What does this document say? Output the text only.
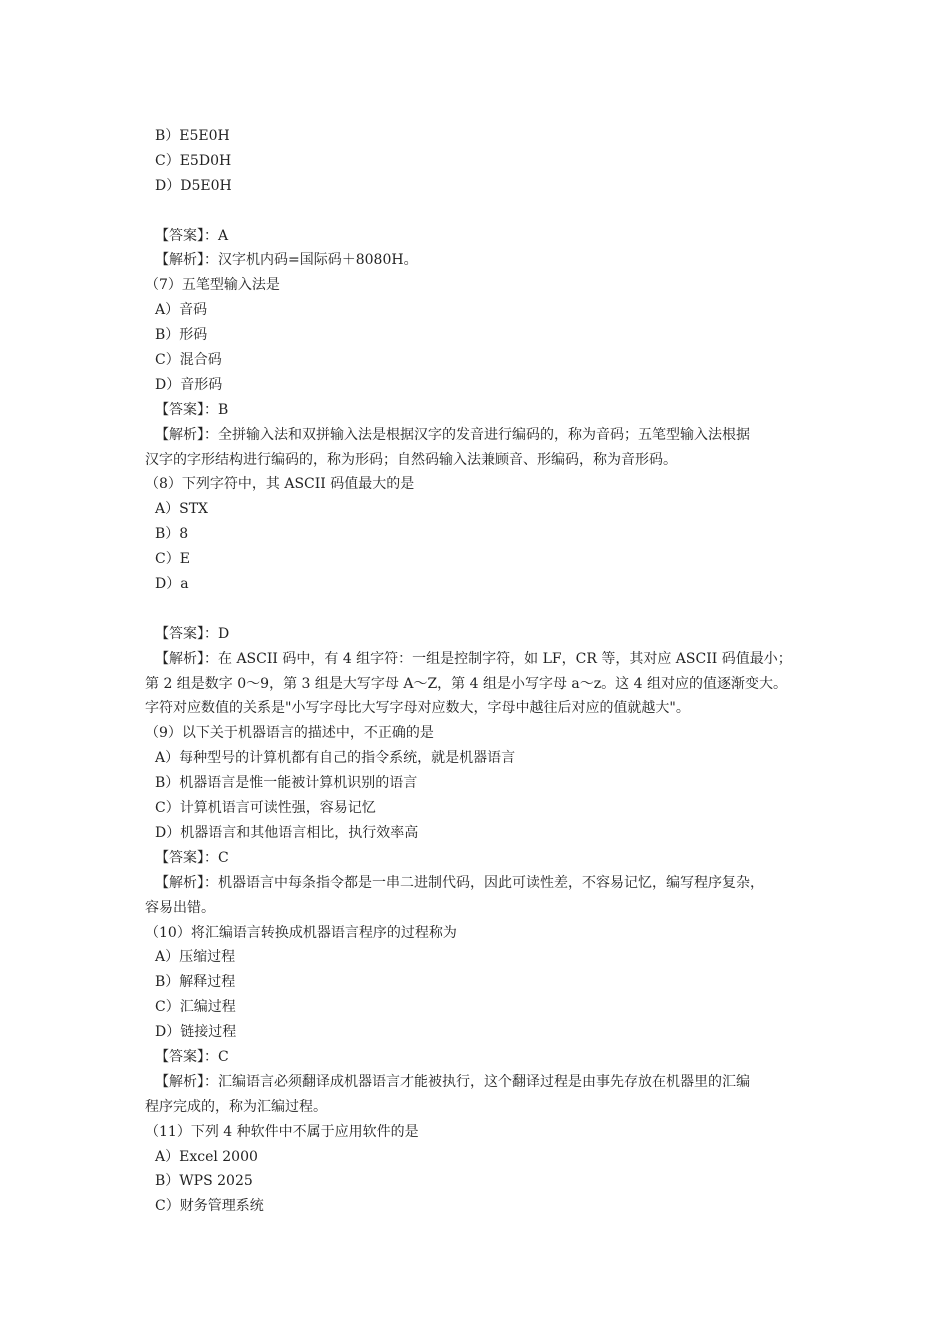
B）E5E0H
C）E5D0H
D）D5E0H
【答案】：A
【解析】：汉字机内码=国际码＋8080H。
（7）五笔型输入法是
A）音码
B）形码
C）混合码
D）音形码
【答案】：B
【解析】：全拼输入法和双拼输入法是根据汉字的发音进行编码的，称为音码；五笔型输入法根据
汉字的字形结构进行编码的，称为形码；自然码输入法兼顾音、形编码，称为音形码。
（8）下列字符中，其 ASCII 码值最大的是
A）STX
B）8
C）E
D）a
【答案】：D
【解析】：在 ASCII 码中，有 4 组字符：一组是控制字符，如 LF，CR 等，其对应 ASCII 码值最小；
第 2 组是数字 0～9，第 3 组是大写字母 A～Z，第 4 组是小写字母 a～z。这 4 组对应的值逐渐变大。
字符对应数值的关系是"小写字母比大写字母对应数大，字母中越往后对应的值就越大"。
（9）以下关于机器语言的描述中，不正确的是
A）每种型号的计算机都有自己的指令系统，就是机器语言
B）机器语言是惟一能被计算机识别的语言
C）计算机语言可读性强，容易记忆
D）机器语言和其他语言相比，执行效率高
【答案】：C
【解析】：机器语言中每条指令都是一串二进制代码，因此可读性差，不容易记忆，编写程序复杂，
容易出错。
（10）将汇编语言转换成机器语言程序的过程称为
A）压缩过程
B）解释过程
C）汇编过程
D）链接过程
【答案】：C
【解析】：汇编语言必须翻译成机器语言才能被执行，这个翻译过程是由事先存放在机器里的汇编
程序完成的，称为汇编过程。
（11）下列 4 种软件中不属于应用软件的是
A）Excel 2000
B）WPS 2025
C）财务管理系统
